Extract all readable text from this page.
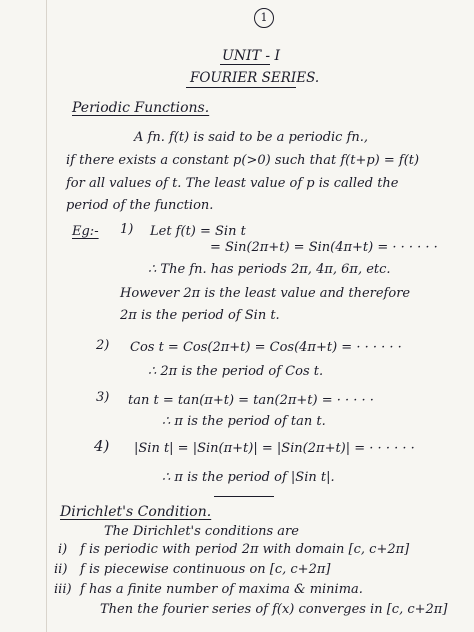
1
UNIT - I
FOURIER SERIES.
Periodic Functions.
A fn. f(t) is said to be a periodic fn.,
if there exists a constant p(>0) such that f(t+p) = f(t)
for all values of t. The least value of p is called the
period of the function.
Eg:- 1) Let f(t) = Sin t
= Sin(2π+t) = Sin(4π+t) = · · · · · ·
∴ The fn. has periods 2π, 4π, 6π, etc.
However 2π is the least value and therefore
2π is the period of Sin t.
2) Cos t = Cos(2π+t) = Cos(4π+t) = · · · · · ·
∴ 2π is the period of Cos t.
3) tan t = tan(π+t) = tan(2π+t) = · · · · ·
∴ π is the period of tan t.
4) |Sin t| = |Sin(π+t)| = |Sin(2π+t)| = · · · · · ·
∴ π is the period of |Sin t|.
Dirichlet's Condition.
The Dirichlet's conditions are
i) f is periodic with period 2π with domain [c, c+2π]
ii) f is piecewise continuous on [c, c+2π]
iii) f has a finite number of maxima & minima.
Then the fourier series of f(x) converges in [c, c+2π]
